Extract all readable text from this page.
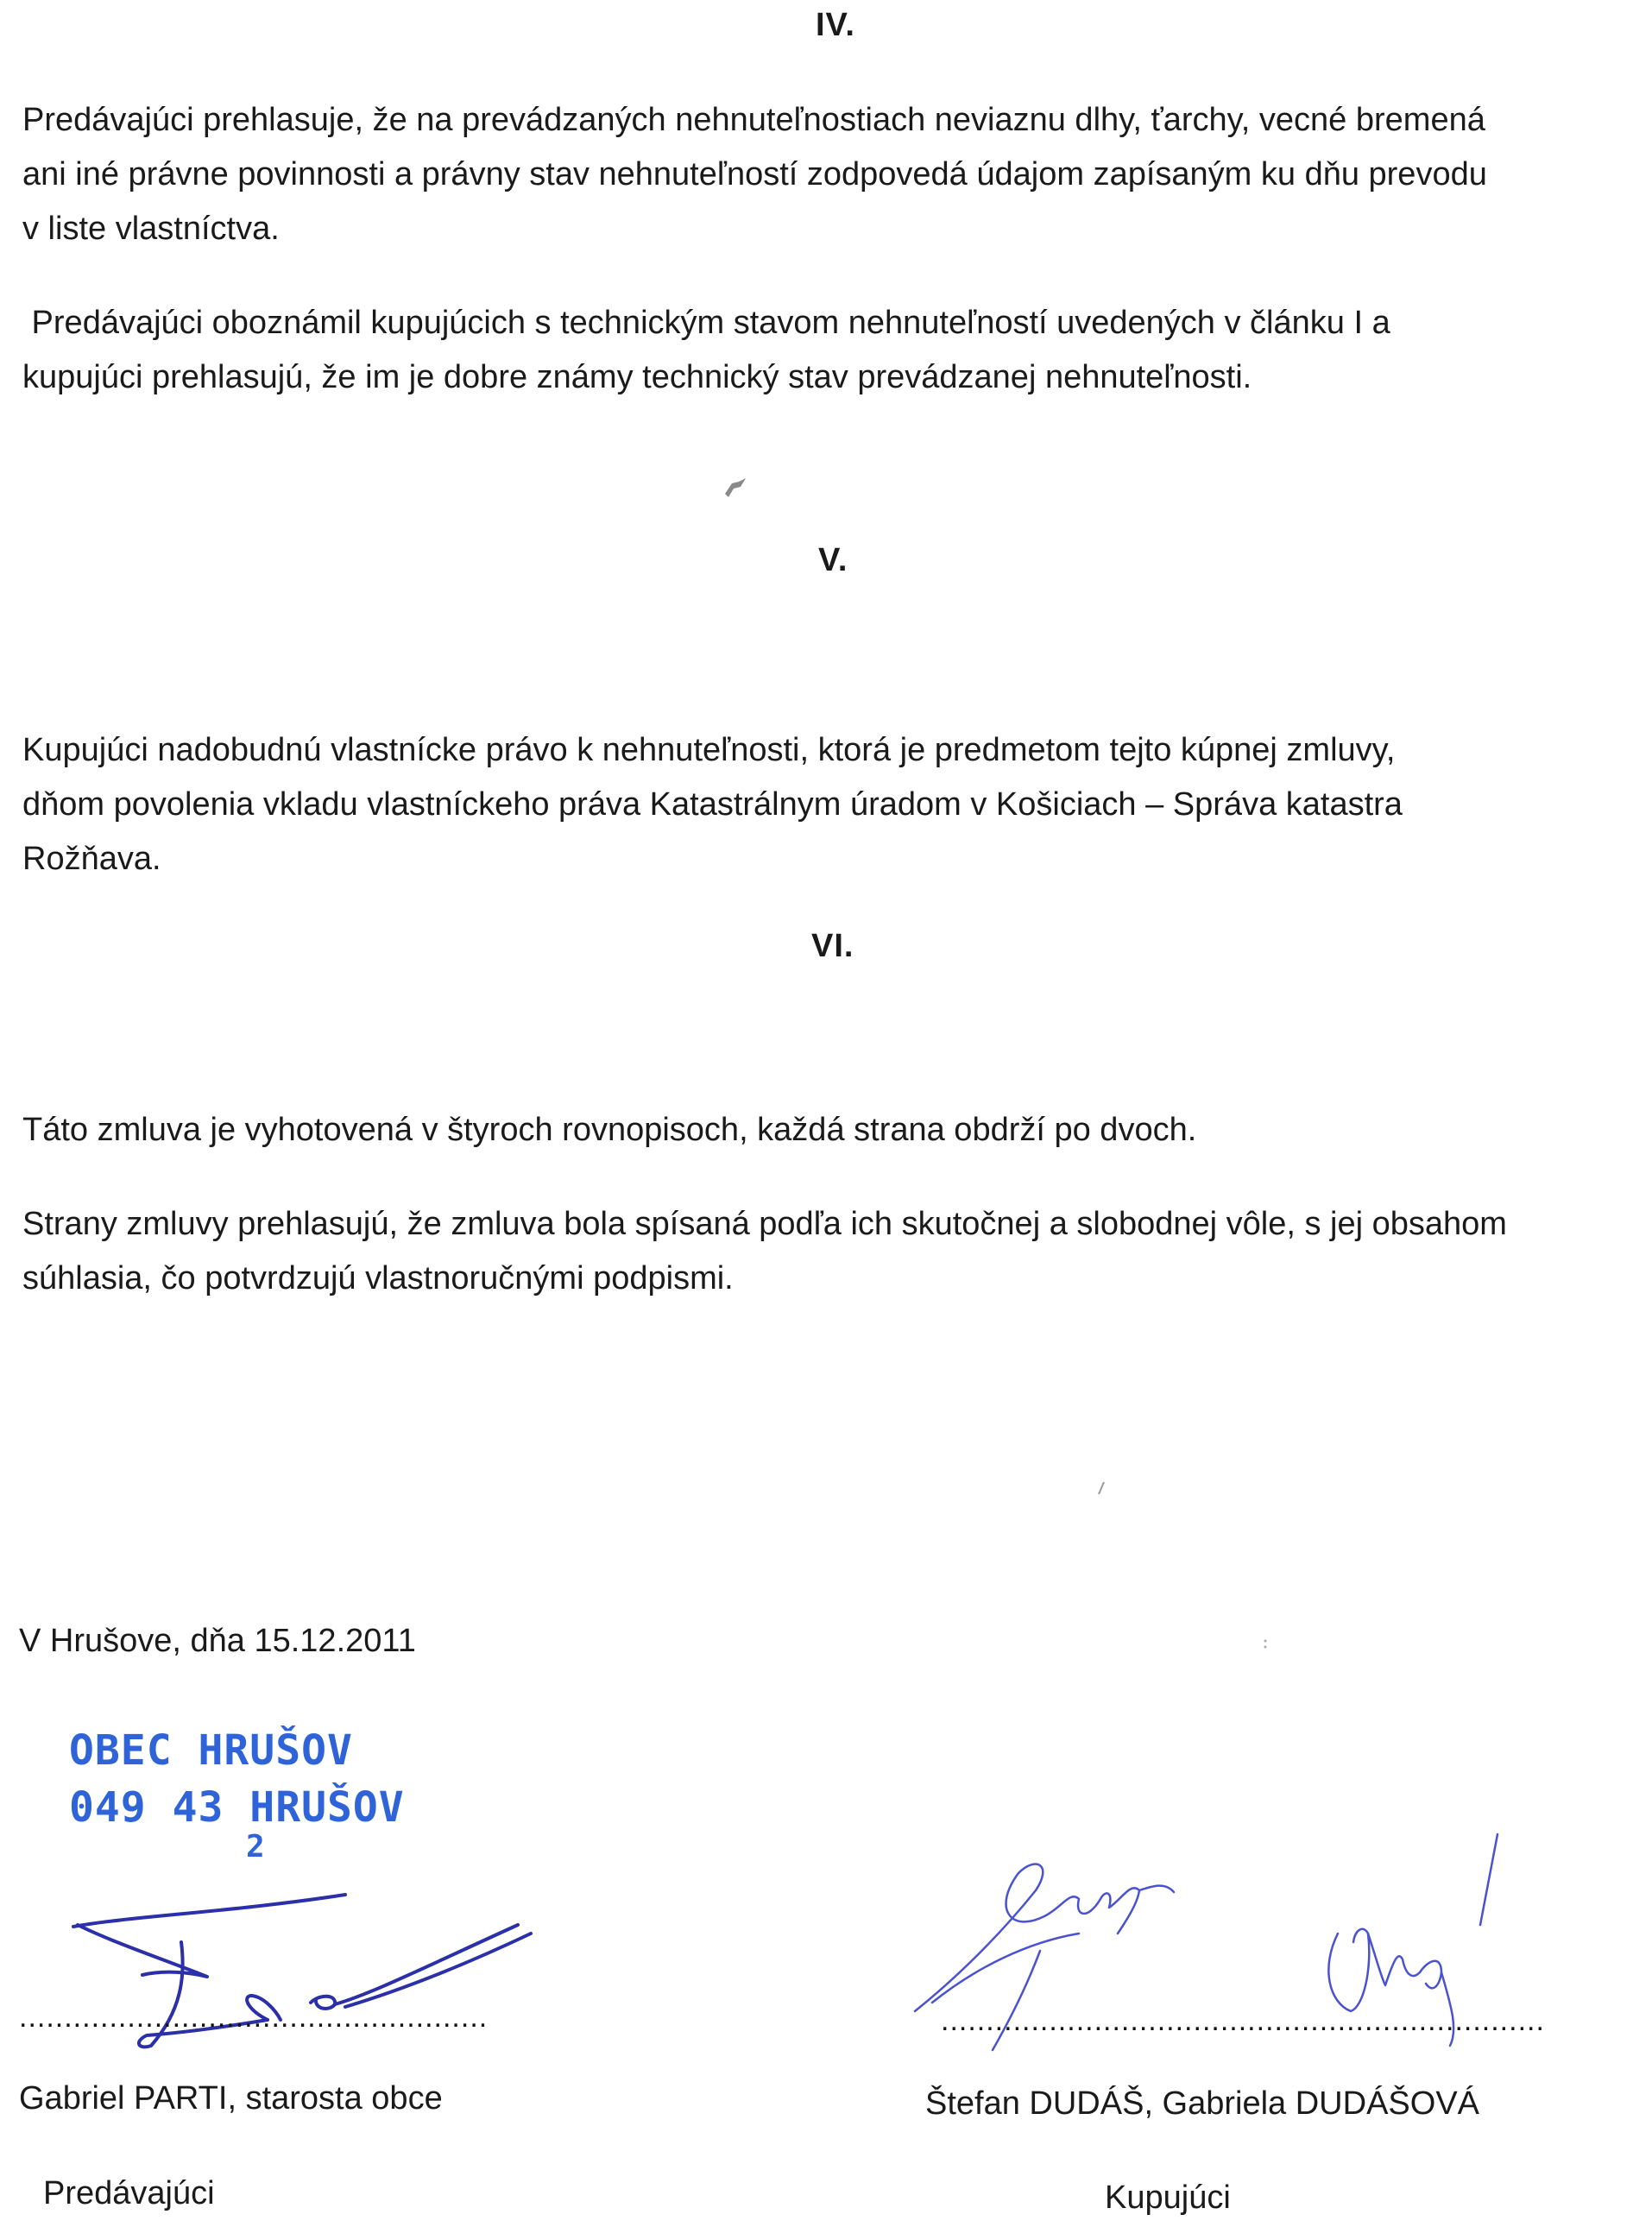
IV.
Predávajúci prehlasuje, že na prevádzaných nehnuteľnostiach neviaznu dlhy, ťarchy, vecné bremená
ani iné právne povinnosti a právny stav nehnuteľností zodpovedá údajom zapísaným ku dňu prevodu
v liste vlastníctva.
Predávajúci oboznámil kupujúcich s technickým stavom nehnuteľností uvedených v článku I a
kupujúci prehlasujú, že im je dobre známy technický stav prevádzanej nehnuteľnosti.
V.
Kupujúci nadobudnú vlastnícke právo k nehnuteľnosti, ktorá je predmetom tejto kúpnej zmluvy,
dňom povolenia vkladu vlastníckeho práva Katastrálnym úradom v Košiciach – Správa katastra
Rožňava.
VI.
Táto zmluva je vyhotovená v štyroch rovnopisoch, každá strana obdrží po dvoch.
Strany zmluvy prehlasujú, že zmluva bola spísaná podľa ich skutočnej a slobodnej vôle, s jej obsahom
súhlasia, čo potvrdzujú vlastnoručnými podpismi.
V Hrušove, dňa 15.12.2011
OBEC HRUŠOV
049 43 HRUŠOV
2
....................................................
Gabriel PARTI, starosta obce
Predávajúci
...................................................................
Štefan DUDÁŠ, Gabriela DUDÁŠOVÁ
Kupujúci
